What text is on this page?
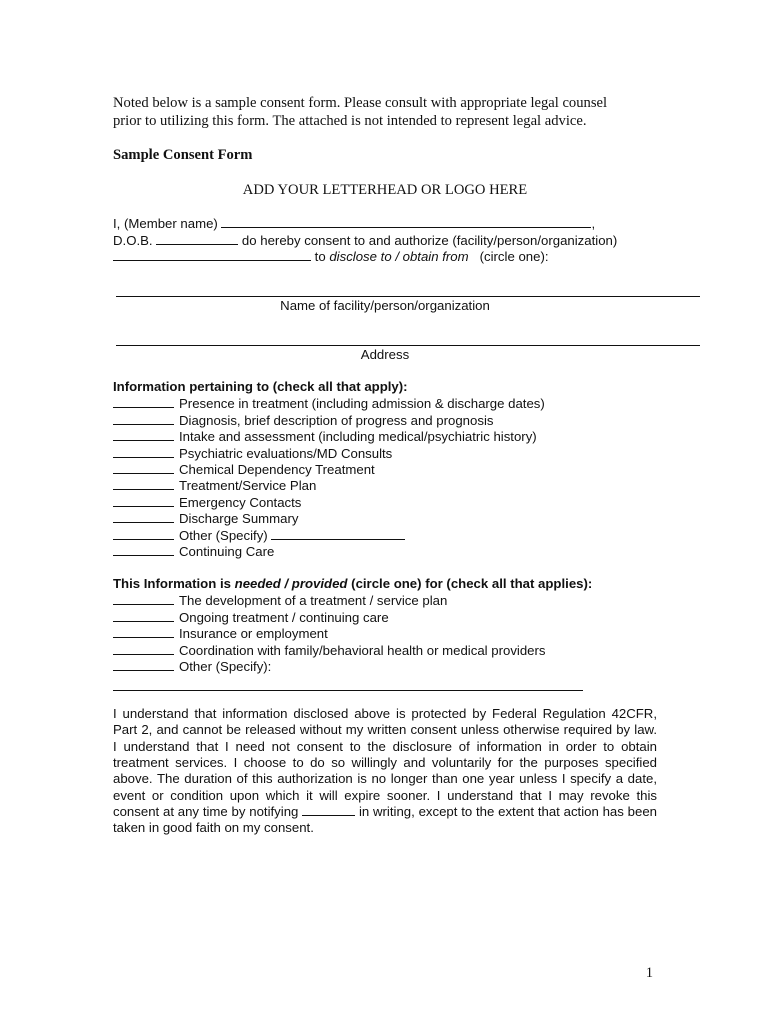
Noted below is a sample consent form. Please consult with appropriate legal counsel
prior to utilizing this form. The attached is not intended to represent legal advice.
Sample Consent Form
ADD YOUR LETTERHEAD OR LOGO HERE
I, (Member name)	,
D.O.B.	do hereby consent to and authorize (facility/person/organization)
to disclose to / obtain from (circle one):
Name of facility/person/organization
Address
Information pertaining to (check all that apply):
Presence in treatment (including admission & discharge dates)
Diagnosis, brief description of progress and prognosis
Intake and assessment (including medical/psychiatric history)
Psychiatric evaluations/MD Consults
Chemical Dependency Treatment
Treatment/Service Plan
Emergency Contacts
Discharge Summary
Other (Specify)
Continuing Care
This Information is needed / provided (circle one) for (check all that applies):
The development of a treatment / service plan
Ongoing treatment / continuing care
Insurance or employment
Coordination with family/behavioral health or medical providers
Other (Specify):
I understand that information disclosed above is protected by Federal Regulation 42CFR, Part 2, and cannot be released without my written consent unless otherwise required by law. I understand that I need not consent to the disclosure of information in order to obtain treatment services. I choose to do so willingly and voluntarily for the purposes specified above. The duration of this authorization is no longer than one year unless I specify a date, event or condition upon which it will expire sooner. I understand that I may revoke this consent at any time by notifying	in writing, except to the extent that action has been taken in good faith on my consent.
1
